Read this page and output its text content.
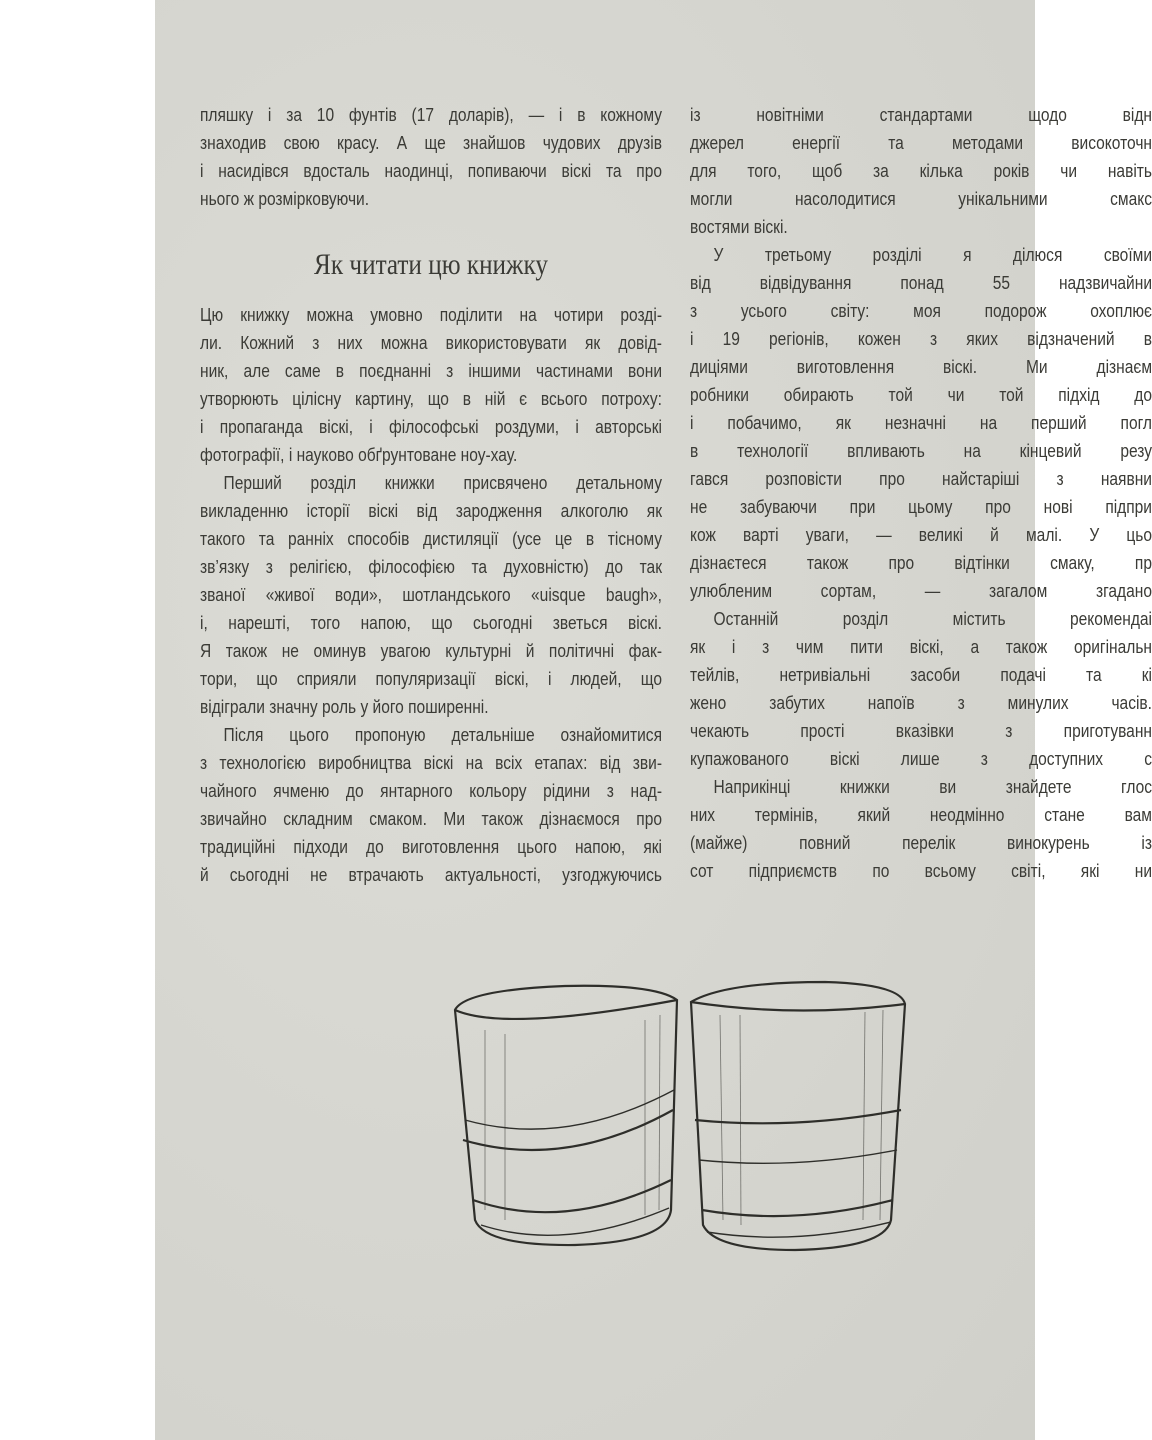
пляшку і за 10 фунтів (17 доларів), — і в кожному
знаходив свою красу. А ще знайшов чудових друзів
і насидівся вдосталь наодинці, попиваючи віскі та про
нього ж розмірковуючи.
Як читати цю книжку
Цю книжку можна умовно поділити на чотири розді-
ли. Кожний з них можна використовувати як довід-
ник, але саме в поєднанні з іншими частинами вони
утворюють цілісну картину, що в ній є всього потроху:
і пропаганда віскі, і філософські роздуми, і авторські
фотографії, і науково обґрунтоване ноу-хау.
Перший розділ книжки присвячено детальному
викладенню історії віскі від зародження алкоголю як
такого та ранніх способів дистиляції (усе це в тісному
зв’язку з релігією, філософією та духовністю) до так
званої «живої води», шотландського «uisque baugh»,
і, нарешті, того напою, що сьогодні зветься віскі.
Я також не оминув увагою культурні й політичні фак-
тори, що сприяли популяризації віскі, і людей, що
відіграли значну роль у його поширенні.
Після цього пропоную детальніше ознайомитися
з технологією виробництва віскі на всіх етапах: від зви-
чайного ячменю до янтарного кольору рідини з над-
звичайно складним смаком. Ми також дізнаємося про
традиційні підходи до виготовлення цього напою, які
й сьогодні не втрачають актуальності, узгоджуючись
із новітніми стандартами щодо відн
джерел енергії та методами високоточн
для того, щоб за кілька років чи навіть
могли насолодитися унікальними смакс
востями віскі.
У третьому розділі я ділюся своїми
від відвідування понад 55 надзвичайни
з усього світу: моя подорож охоплює
і 19 регіонів, кожен з яких відзначений в
диціями виготовлення віскі. Ми дізнаєм
робники обирають той чи той підхід до
і побачимо, як незначні на перший погл
в технології впливають на кінцевий резу
гався розповісти про найстаріші з наявни
не забуваючи при цьому про нові підпри
кож варті уваги, — великі й малі. У цьо
дізнаєтеся також про відтінки смаку, пр
улюбленим сортам, — загалом згадано
Останній розділ містить рекомендаі
як і з чим пити віскі, а також оригінальн
тейлів, нетривіальні засоби подачі та кі
жено забутих напоїв з минулих часів.
чекають прості вказівки з приготуванн
купажованого віскі лише з доступних с
Наприкінці книжки ви знайдете глос
них термінів, який неодмінно стане вам
(майже) повний перелік винокурень із
сот підприємств по всьому світі, які ни
